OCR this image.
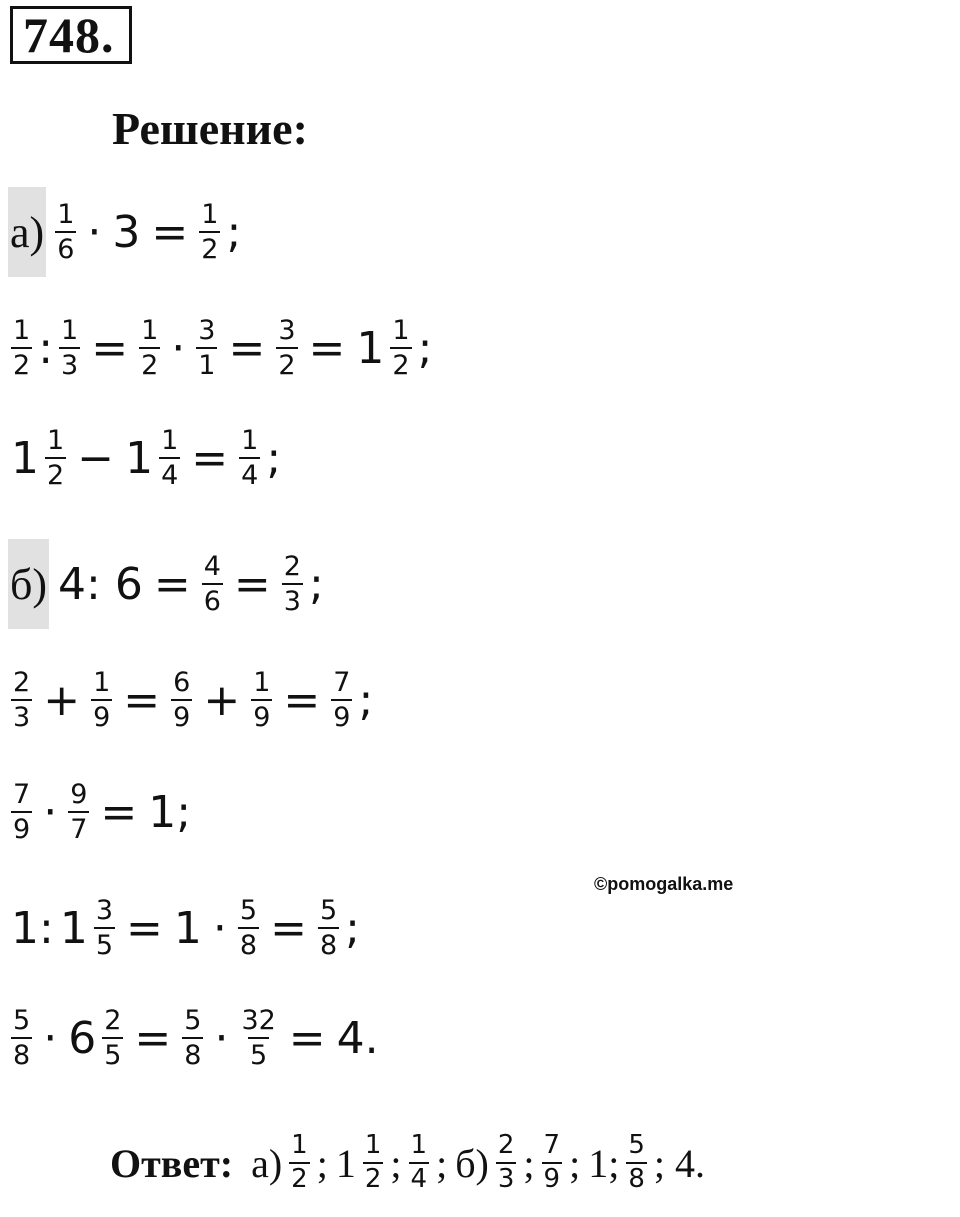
748.
Решение:
$а) \frac{1}{6} \cdot 3 = \frac{1}{2}$ ;
$\frac{1}{2}$ : $\frac{1}{3} = \frac{1}{2} \cdot \frac{3}{1} = \frac{3}{2} = 1 \frac{1}{2}$ ;
$1 \frac{1}{2} - 1 \frac{1}{4} = \frac{1}{4}$ ;
б) 4: $6 = \frac{4}{6} = \frac{2}{3}$ ;
$\frac{2}{3} + \frac{1}{9} = \frac{6}{9} + \frac{1}{9} = \frac{7}{9}$ ;
$\frac{7}{9} \cdot \frac{9}{7} = 1$;
1: $1 \frac{3}{5} = 1 \cdot \frac{5}{8} = \frac{5}{8}$ ;
$\frac{5}{8} \cdot 6 \frac{2}{5} = \frac{5}{8} \cdot \frac{32}{5} = 4$.
©pomogalka.me
Ответ: $а) \frac{1}{2}$ ; $1 \frac{1}{2}$ ; $\frac{1}{4}$ ; $б) \frac{2}{3}$ ; $\frac{7}{9}$ ; 1; $\frac{5}{8}$ ; 4.
